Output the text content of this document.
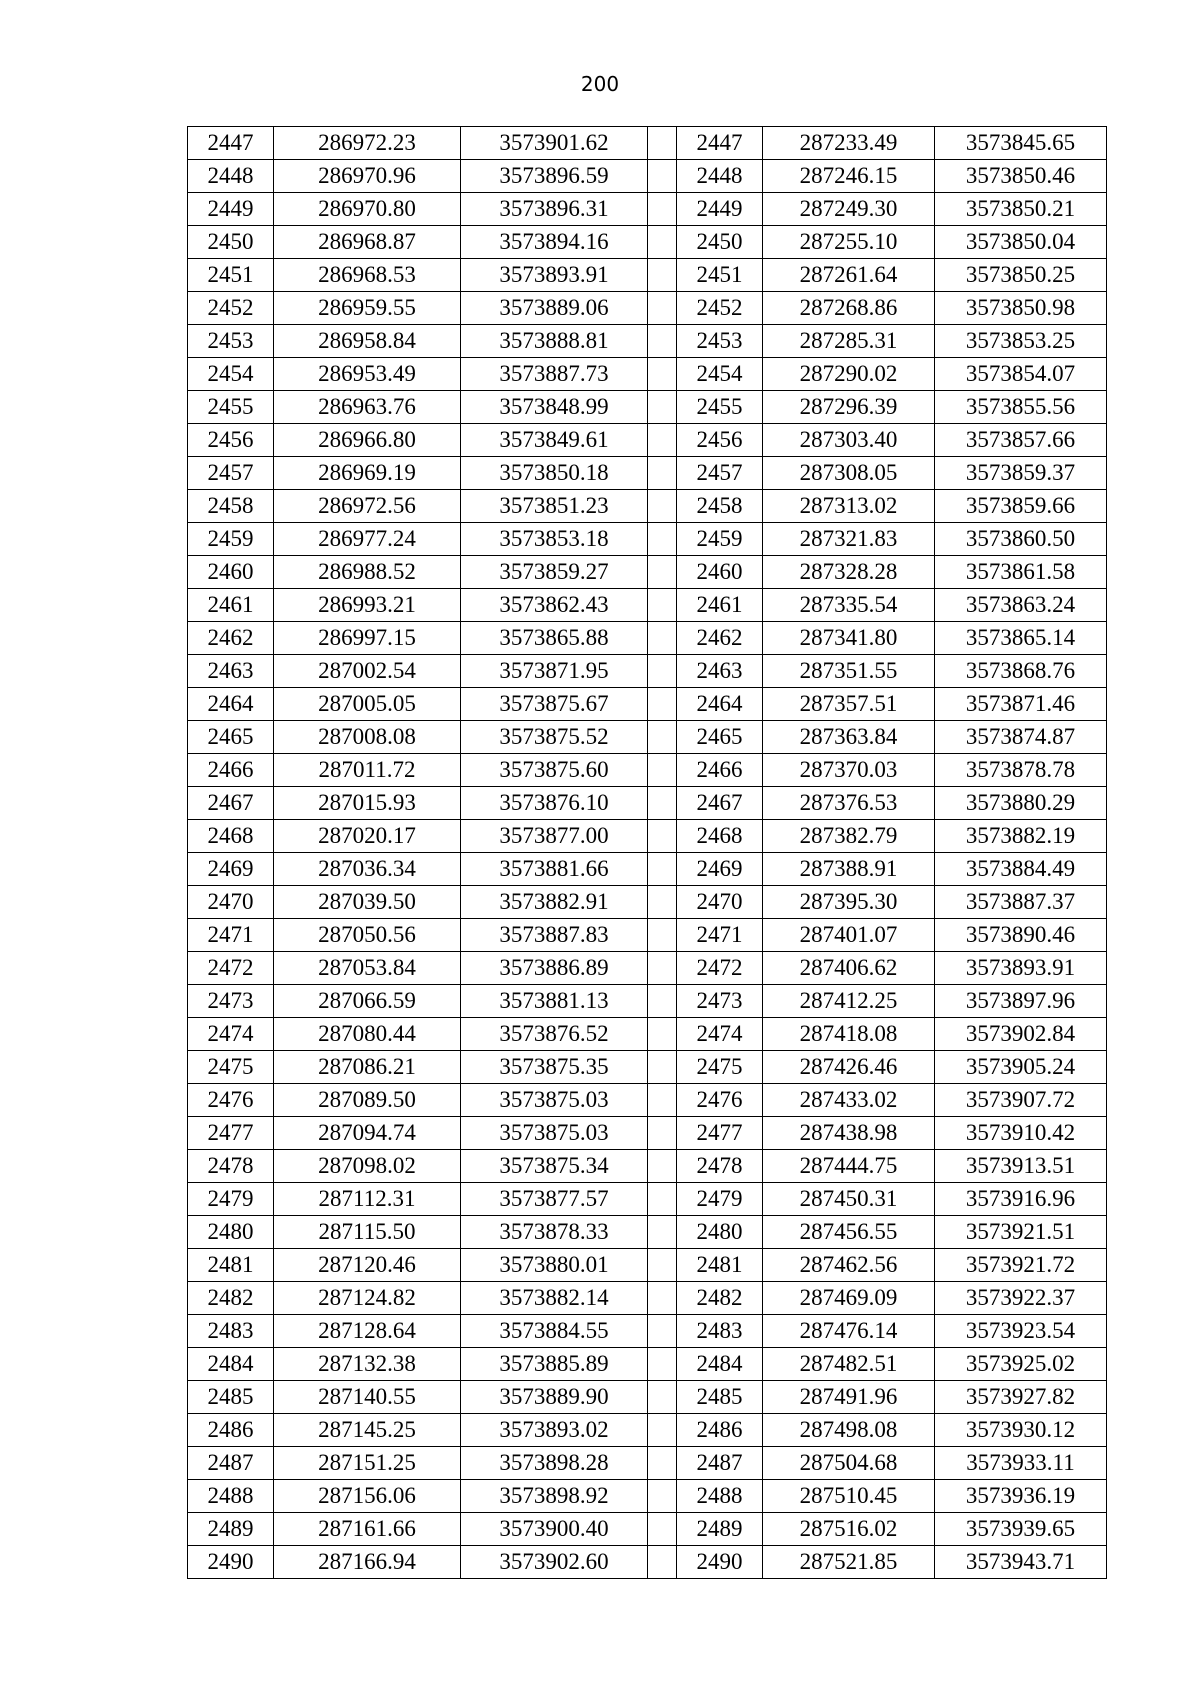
200
2447	286972.23	3573901.62		2447	287233.49	3573845.65
2448	286970.96	3573896.59		2448	287246.15	3573850.46
2449	286970.80	3573896.31		2449	287249.30	3573850.21
2450	286968.87	3573894.16		2450	287255.10	3573850.04
2451	286968.53	3573893.91		2451	287261.64	3573850.25
2452	286959.55	3573889.06		2452	287268.86	3573850.98
2453	286958.84	3573888.81		2453	287285.31	3573853.25
2454	286953.49	3573887.73		2454	287290.02	3573854.07
2455	286963.76	3573848.99		2455	287296.39	3573855.56
2456	286966.80	3573849.61		2456	287303.40	3573857.66
2457	286969.19	3573850.18		2457	287308.05	3573859.37
2458	286972.56	3573851.23		2458	287313.02	3573859.66
2459	286977.24	3573853.18		2459	287321.83	3573860.50
2460	286988.52	3573859.27		2460	287328.28	3573861.58
2461	286993.21	3573862.43		2461	287335.54	3573863.24
2462	286997.15	3573865.88		2462	287341.80	3573865.14
2463	287002.54	3573871.95		2463	287351.55	3573868.76
2464	287005.05	3573875.67		2464	287357.51	3573871.46
2465	287008.08	3573875.52		2465	287363.84	3573874.87
2466	287011.72	3573875.60		2466	287370.03	3573878.78
2467	287015.93	3573876.10		2467	287376.53	3573880.29
2468	287020.17	3573877.00		2468	287382.79	3573882.19
2469	287036.34	3573881.66		2469	287388.91	3573884.49
2470	287039.50	3573882.91		2470	287395.30	3573887.37
2471	287050.56	3573887.83		2471	287401.07	3573890.46
2472	287053.84	3573886.89		2472	287406.62	3573893.91
2473	287066.59	3573881.13		2473	287412.25	3573897.96
2474	287080.44	3573876.52		2474	287418.08	3573902.84
2475	287086.21	3573875.35		2475	287426.46	3573905.24
2476	287089.50	3573875.03		2476	287433.02	3573907.72
2477	287094.74	3573875.03		2477	287438.98	3573910.42
2478	287098.02	3573875.34		2478	287444.75	3573913.51
2479	287112.31	3573877.57		2479	287450.31	3573916.96
2480	287115.50	3573878.33		2480	287456.55	3573921.51
2481	287120.46	3573880.01		2481	287462.56	3573921.72
2482	287124.82	3573882.14		2482	287469.09	3573922.37
2483	287128.64	3573884.55		2483	287476.14	3573923.54
2484	287132.38	3573885.89		2484	287482.51	3573925.02
2485	287140.55	3573889.90		2485	287491.96	3573927.82
2486	287145.25	3573893.02		2486	287498.08	3573930.12
2487	287151.25	3573898.28		2487	287504.68	3573933.11
2488	287156.06	3573898.92		2488	287510.45	3573936.19
2489	287161.66	3573900.40		2489	287516.02	3573939.65
2490	287166.94	3573902.60		2490	287521.85	3573943.71
